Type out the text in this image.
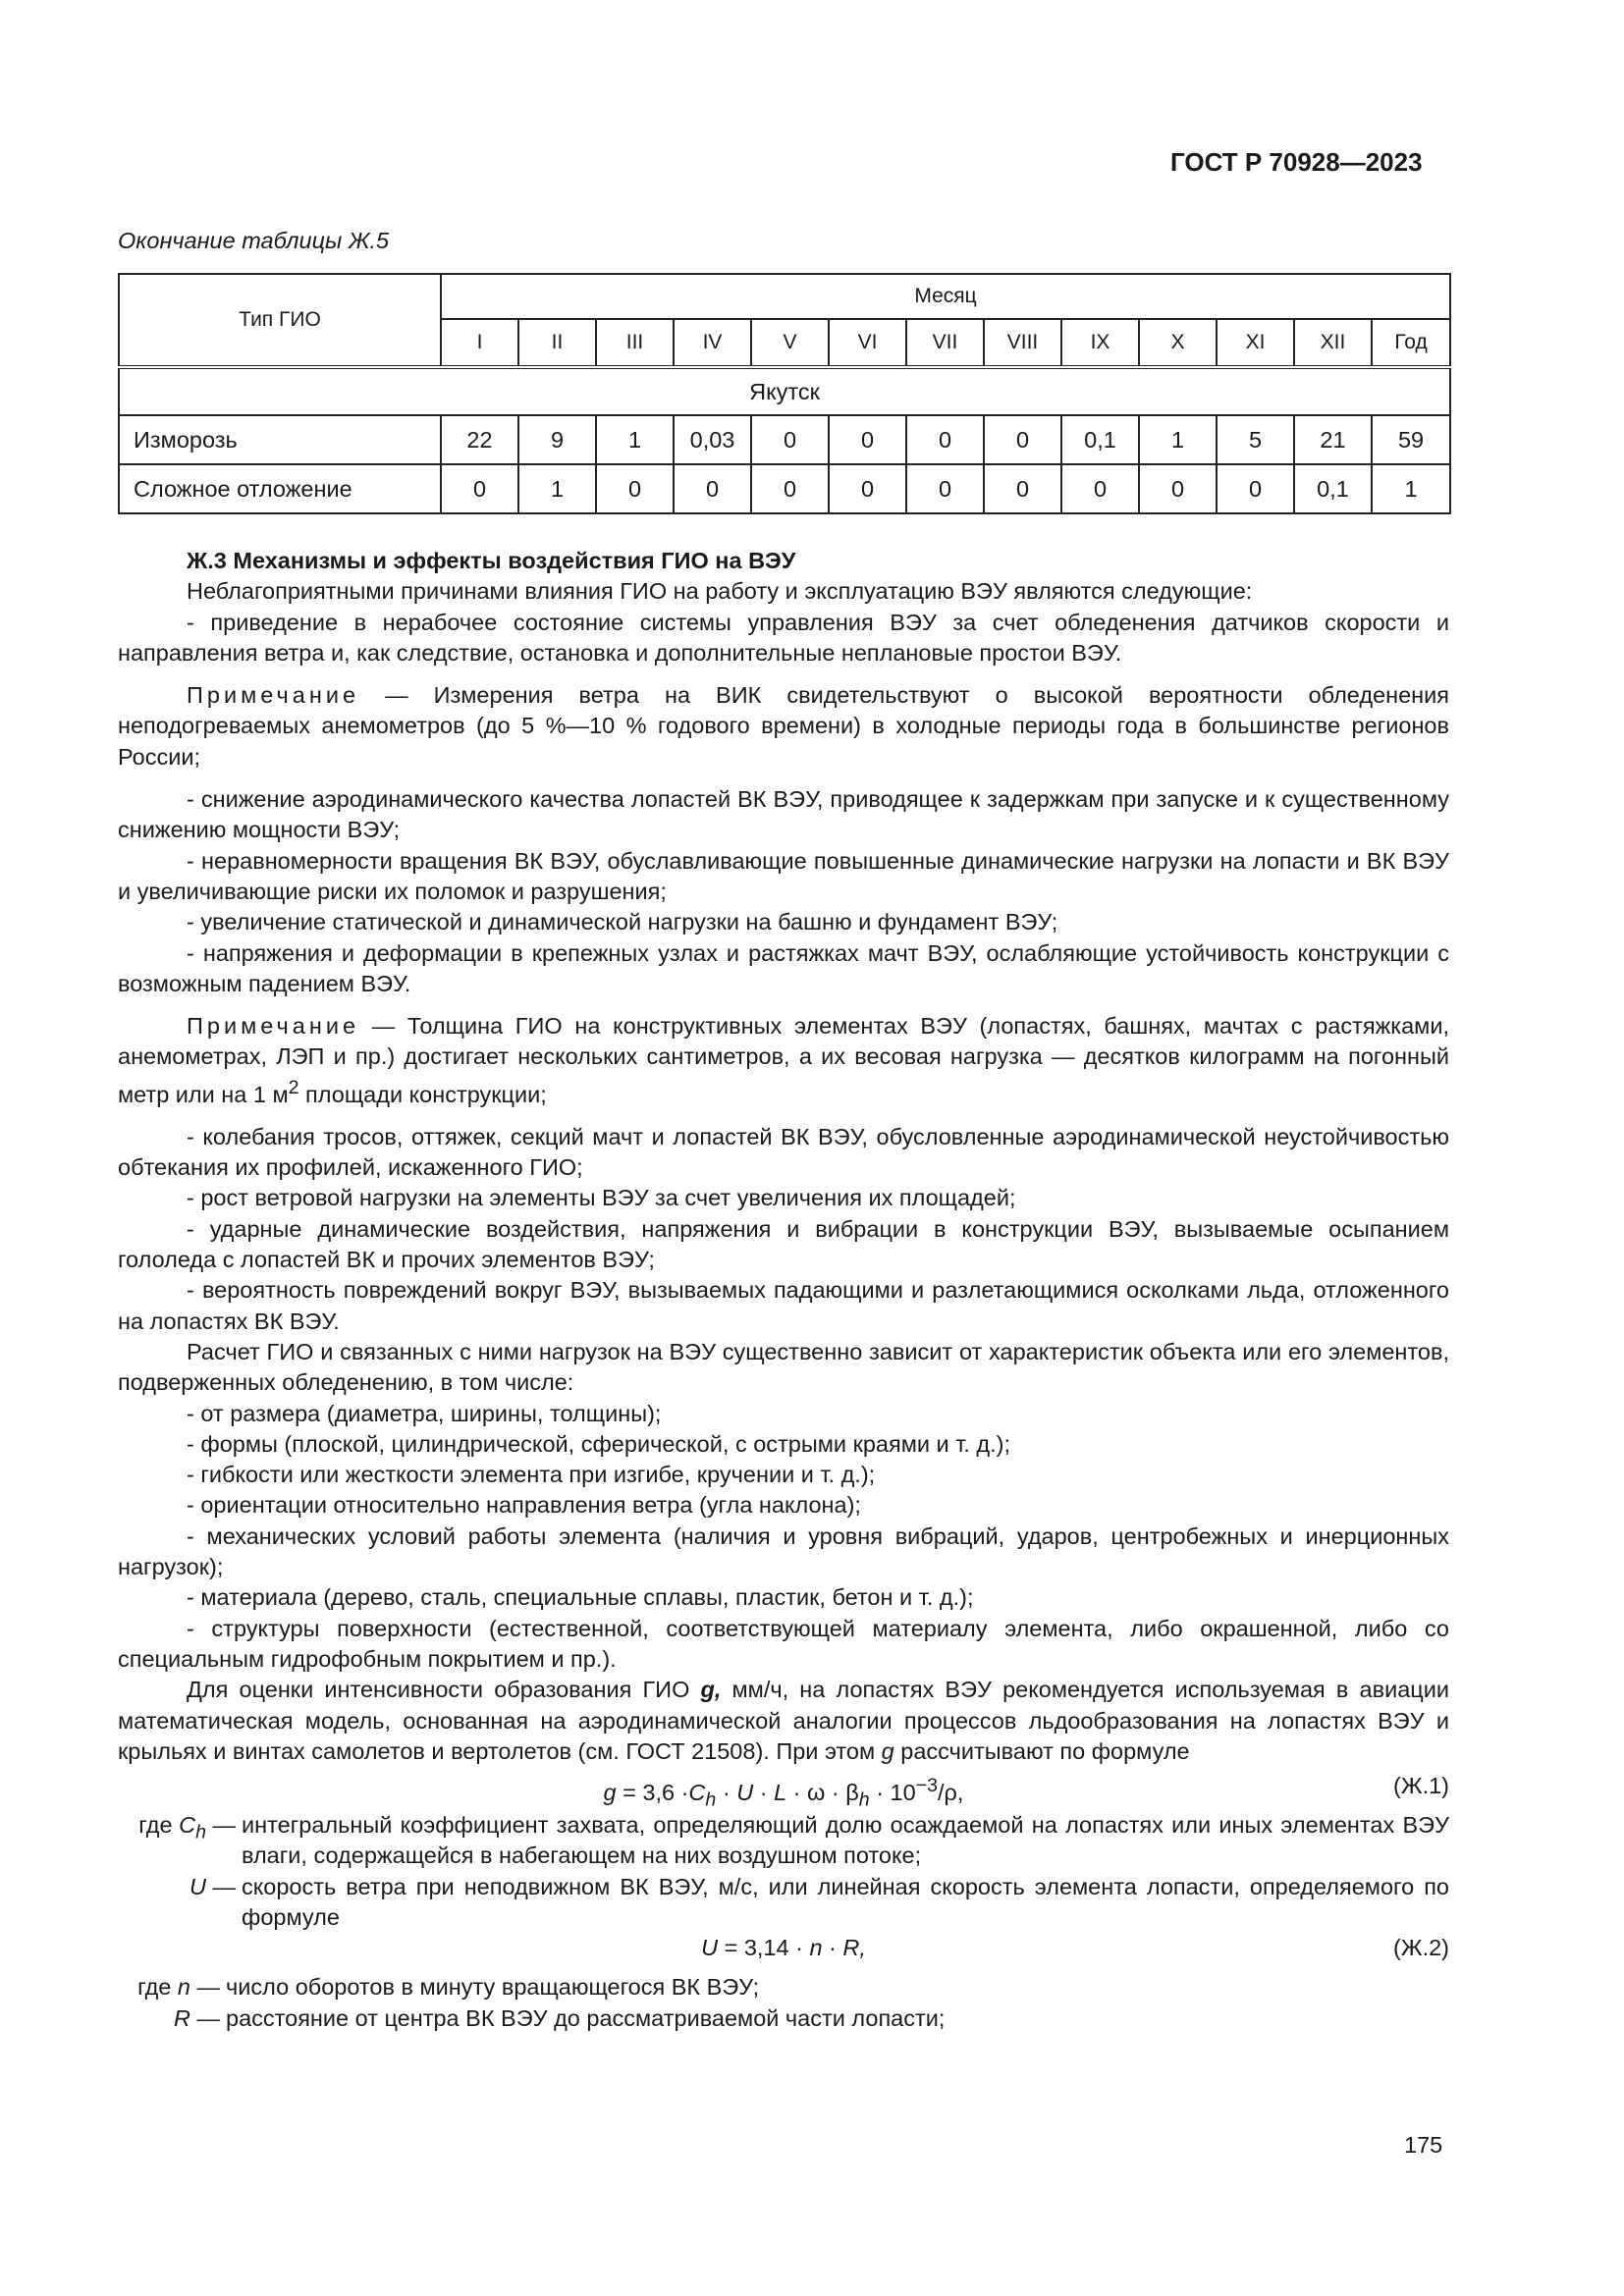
ГОСТ Р 70928—2023
Окончание таблицы Ж.5
Тип ГИО	Месяц												
	I	II	III	IV	V	VI	VII	VIII	IX	X	XI	XII	Год
Якутск													
Изморозь	22	9	1	0,03	0	0	0	0	0,1	1	5	21	59
Сложное отложение	0	1	0	0	0	0	0	0	0	0	0	0,1	1

Ж.3 Механизмы и эффекты воздействия ГИО на ВЭУ

Неблагоприятными причинами влияния ГИО на работу и эксплуатацию ВЭУ являются следующие:

- приведение в нерабочее состояние системы управления ВЭУ за счет обледенения датчиков скорости и направления ветра и, как следствие, остановка и дополнительные неплановые простои ВЭУ.

Примечание — Измерения ветра на ВИК свидетельствуют о высокой вероятности обледенения неподогреваемых анемометров (до 5 %—10 % годового времени) в холодные периоды года в большинстве регионов России;

- снижение аэродинамического качества лопастей ВК ВЭУ, приводящее к задержкам при запуске и к существенному снижению мощности ВЭУ;

- неравномерности вращения ВК ВЭУ, обуславливающие повышенные динамические нагрузки на лопасти и ВК ВЭУ и увеличивающие риски их поломок и разрушения;

- увеличение статической и динамической нагрузки на башню и фундамент ВЭУ;

- напряжения и деформации в крепежных узлах и растяжках мачт ВЭУ, ослабляющие устойчивость конструкции с возможным падением ВЭУ.

Примечание — Толщина ГИО на конструктивных элементах ВЭУ (лопастях, башнях, мачтах с растяжками, анемометрах, ЛЭП и пр.) достигает нескольких сантиметров, а их весовая нагрузка — десятков килограмм на погонный метр или на 1 $м^2$ площади конструкции;

- колебания тросов, оттяжек, секций мачт и лопастей ВК ВЭУ, обусловленные аэродинамической неустойчивостью обтекания их профилей, искаженного ГИО;

- рост ветровой нагрузки на элементы ВЭУ за счет увеличения их площадей;

- ударные динамические воздействия, напряжения и вибрации в конструкции ВЭУ, вызываемые осыпанием гололеда с лопастей ВК и прочих элементов ВЭУ;

- вероятность повреждений вокруг ВЭУ, вызываемых падающими и разлетающимися осколками льда, отложенного на лопастях ВК ВЭУ.

Расчет ГИО и связанных с ними нагрузок на ВЭУ существенно зависит от характеристик объекта или его элементов, подверженных обледенению, в том числе:

- от размера (диаметра, ширины, толщины);

- формы (плоской, цилиндрической, сферической, с острыми краями и т. д.);

- гибкости или жесткости элемента при изгибе, кручении и т. д.);

- ориентации относительно направления ветра (угла наклона);

- механических условий работы элемента (наличия и уровня вибраций, ударов, центробежных и инерционных нагрузок);

- материала (дерево, сталь, специальные сплавы, пластик, бетон и т. д.);

- структуры поверхности (естественной, соответствующей материалу элемента, либо окрашенной, либо со специальным гидрофобным покрытием и пр.).

Для оценки интенсивности образования ГИО g, мм/ч, на лопастях ВЭУ рекомендуется используемая в авиации математическая модель, основанная на аэродинамической аналогии процессов льдообразования на лопастях ВЭУ и крыльях и винтах самолетов и вертолетов (см. ГОСТ 21508). При этом g рассчитывают по формуле

$g = 3,6 \cdot C_h \cdot U \cdot L \cdot \omega \cdot \beta_h \cdot 10^{-3}/\rho$,	(Ж.1)
где $C_h$ — интегральный коэффициент захвата, определяющий долю осаждаемой на лопастях или иных элементах ВЭУ влаги, содержащейся в набегающем на них воздушном потоке;
U — скорость ветра при неподвижном ВК ВЭУ, м/с, или линейная скорость элемента лопасти, определяемого по формуле
U = 3,14 · n · R,	(Ж.2)
где n — число оборотов в минуту вращающегося ВК ВЭУ;
R — расстояние от центра ВК ВЭУ до рассматриваемой части лопасти;
175
